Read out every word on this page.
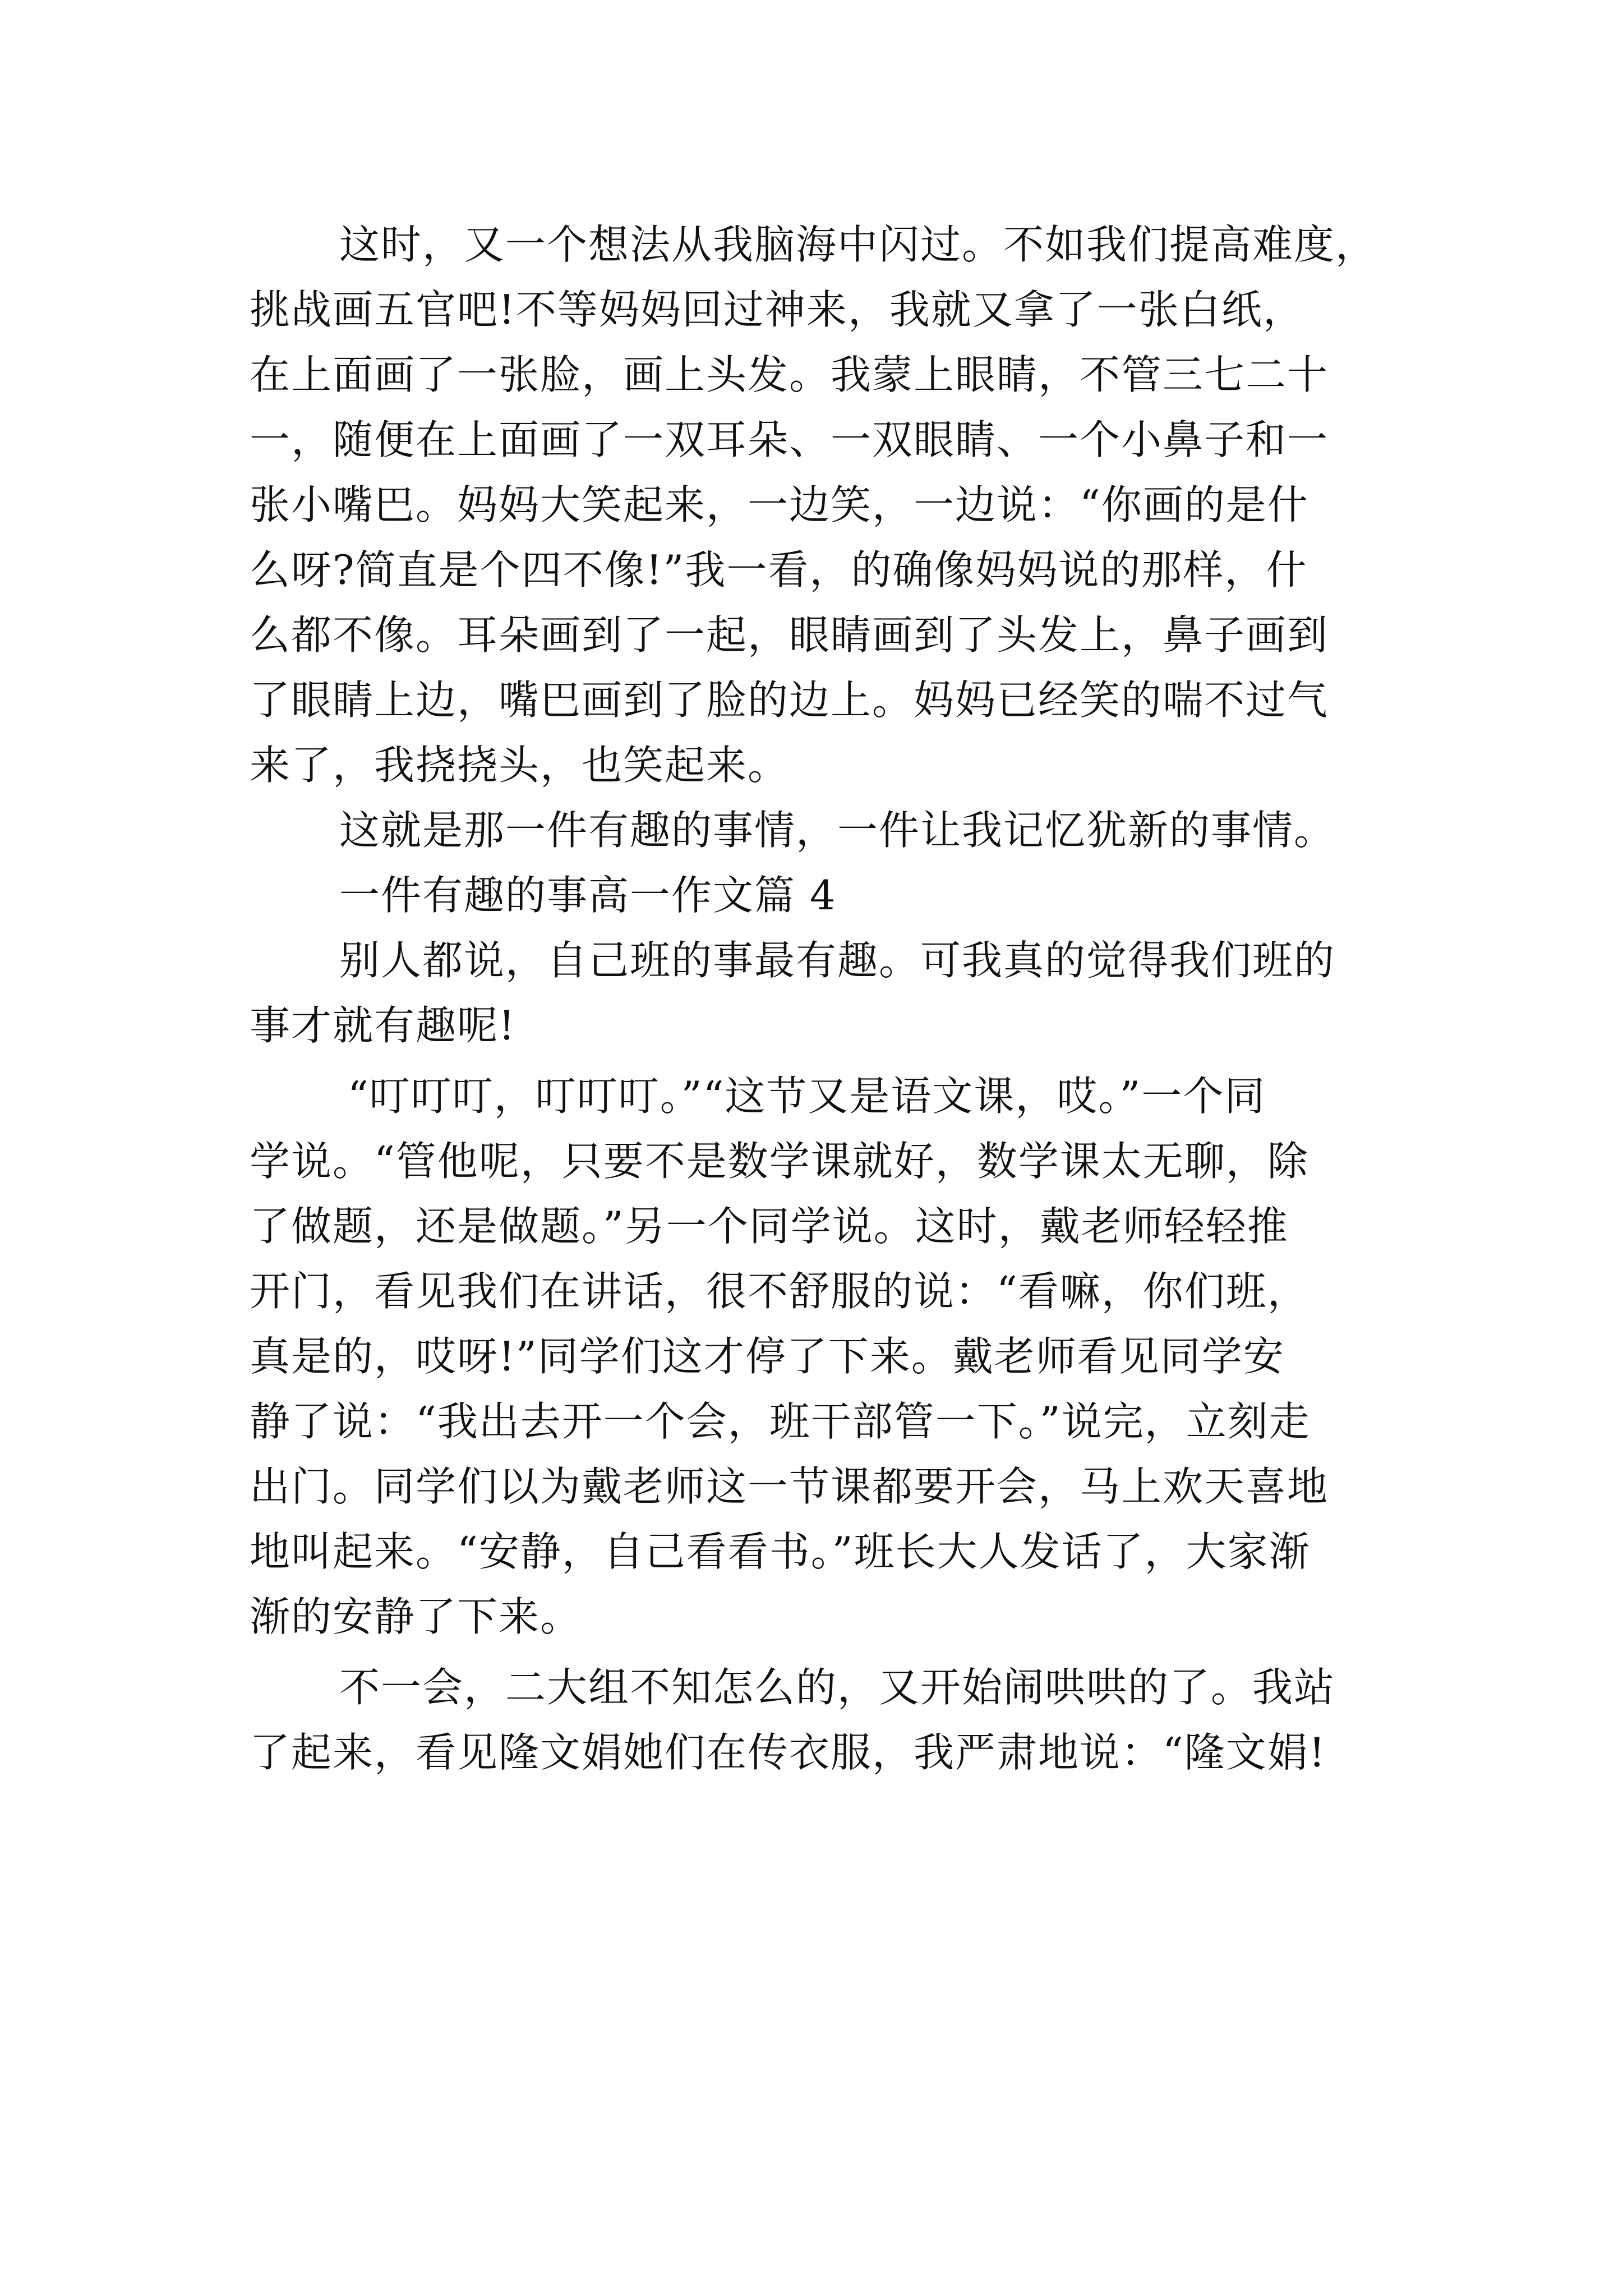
这时，又一个想法从我脑海中闪过。不如我们提高难度，
挑战画五官吧!不等妈妈回过神来，我就又拿了一张白纸，
在上面画了一张脸，画上头发。我蒙上眼睛，不管三七二十
一，随便在上面画了一双耳朵、一双眼睛、一个小鼻子和一
张小嘴巴。妈妈大笑起来，一边笑，一边说：“你画的是什
么呀?简直是个四不像!”我一看，的确像妈妈说的那样，什
么都不像。耳朵画到了一起，眼睛画到了头发上，鼻子画到
了眼睛上边，嘴巴画到了脸的边上。妈妈已经笑的喘不过气
来了，我挠挠头，也笑起来。
这就是那一件有趣的事情，一件让我记忆犹新的事情。
一件有趣的事高一作文篇 4
别人都说，自己班的事最有趣。可我真的觉得我们班的
事才就有趣呢!
“叮叮叮，叮叮叮。”“这节又是语文课，哎。”一个同
学说。“管他呢，只要不是数学课就好，数学课太无聊，除
了做题，还是做题。”另一个同学说。这时，戴老师轻轻推
开门，看见我们在讲话，很不舒服的说：“看嘛，你们班，
真是的，哎呀!”同学们这才停了下来。戴老师看见同学安
静了说：“我出去开一个会，班干部管一下。”说完，立刻走
出门。同学们以为戴老师这一节课都要开会，马上欢天喜地
地叫起来。“安静，自己看看书。”班长大人发话了，大家渐
渐的安静了下来。
不一会，二大组不知怎么的，又开始闹哄哄的了。我站
了起来，看见隆文娟她们在传衣服，我严肃地说：“隆文娟!
